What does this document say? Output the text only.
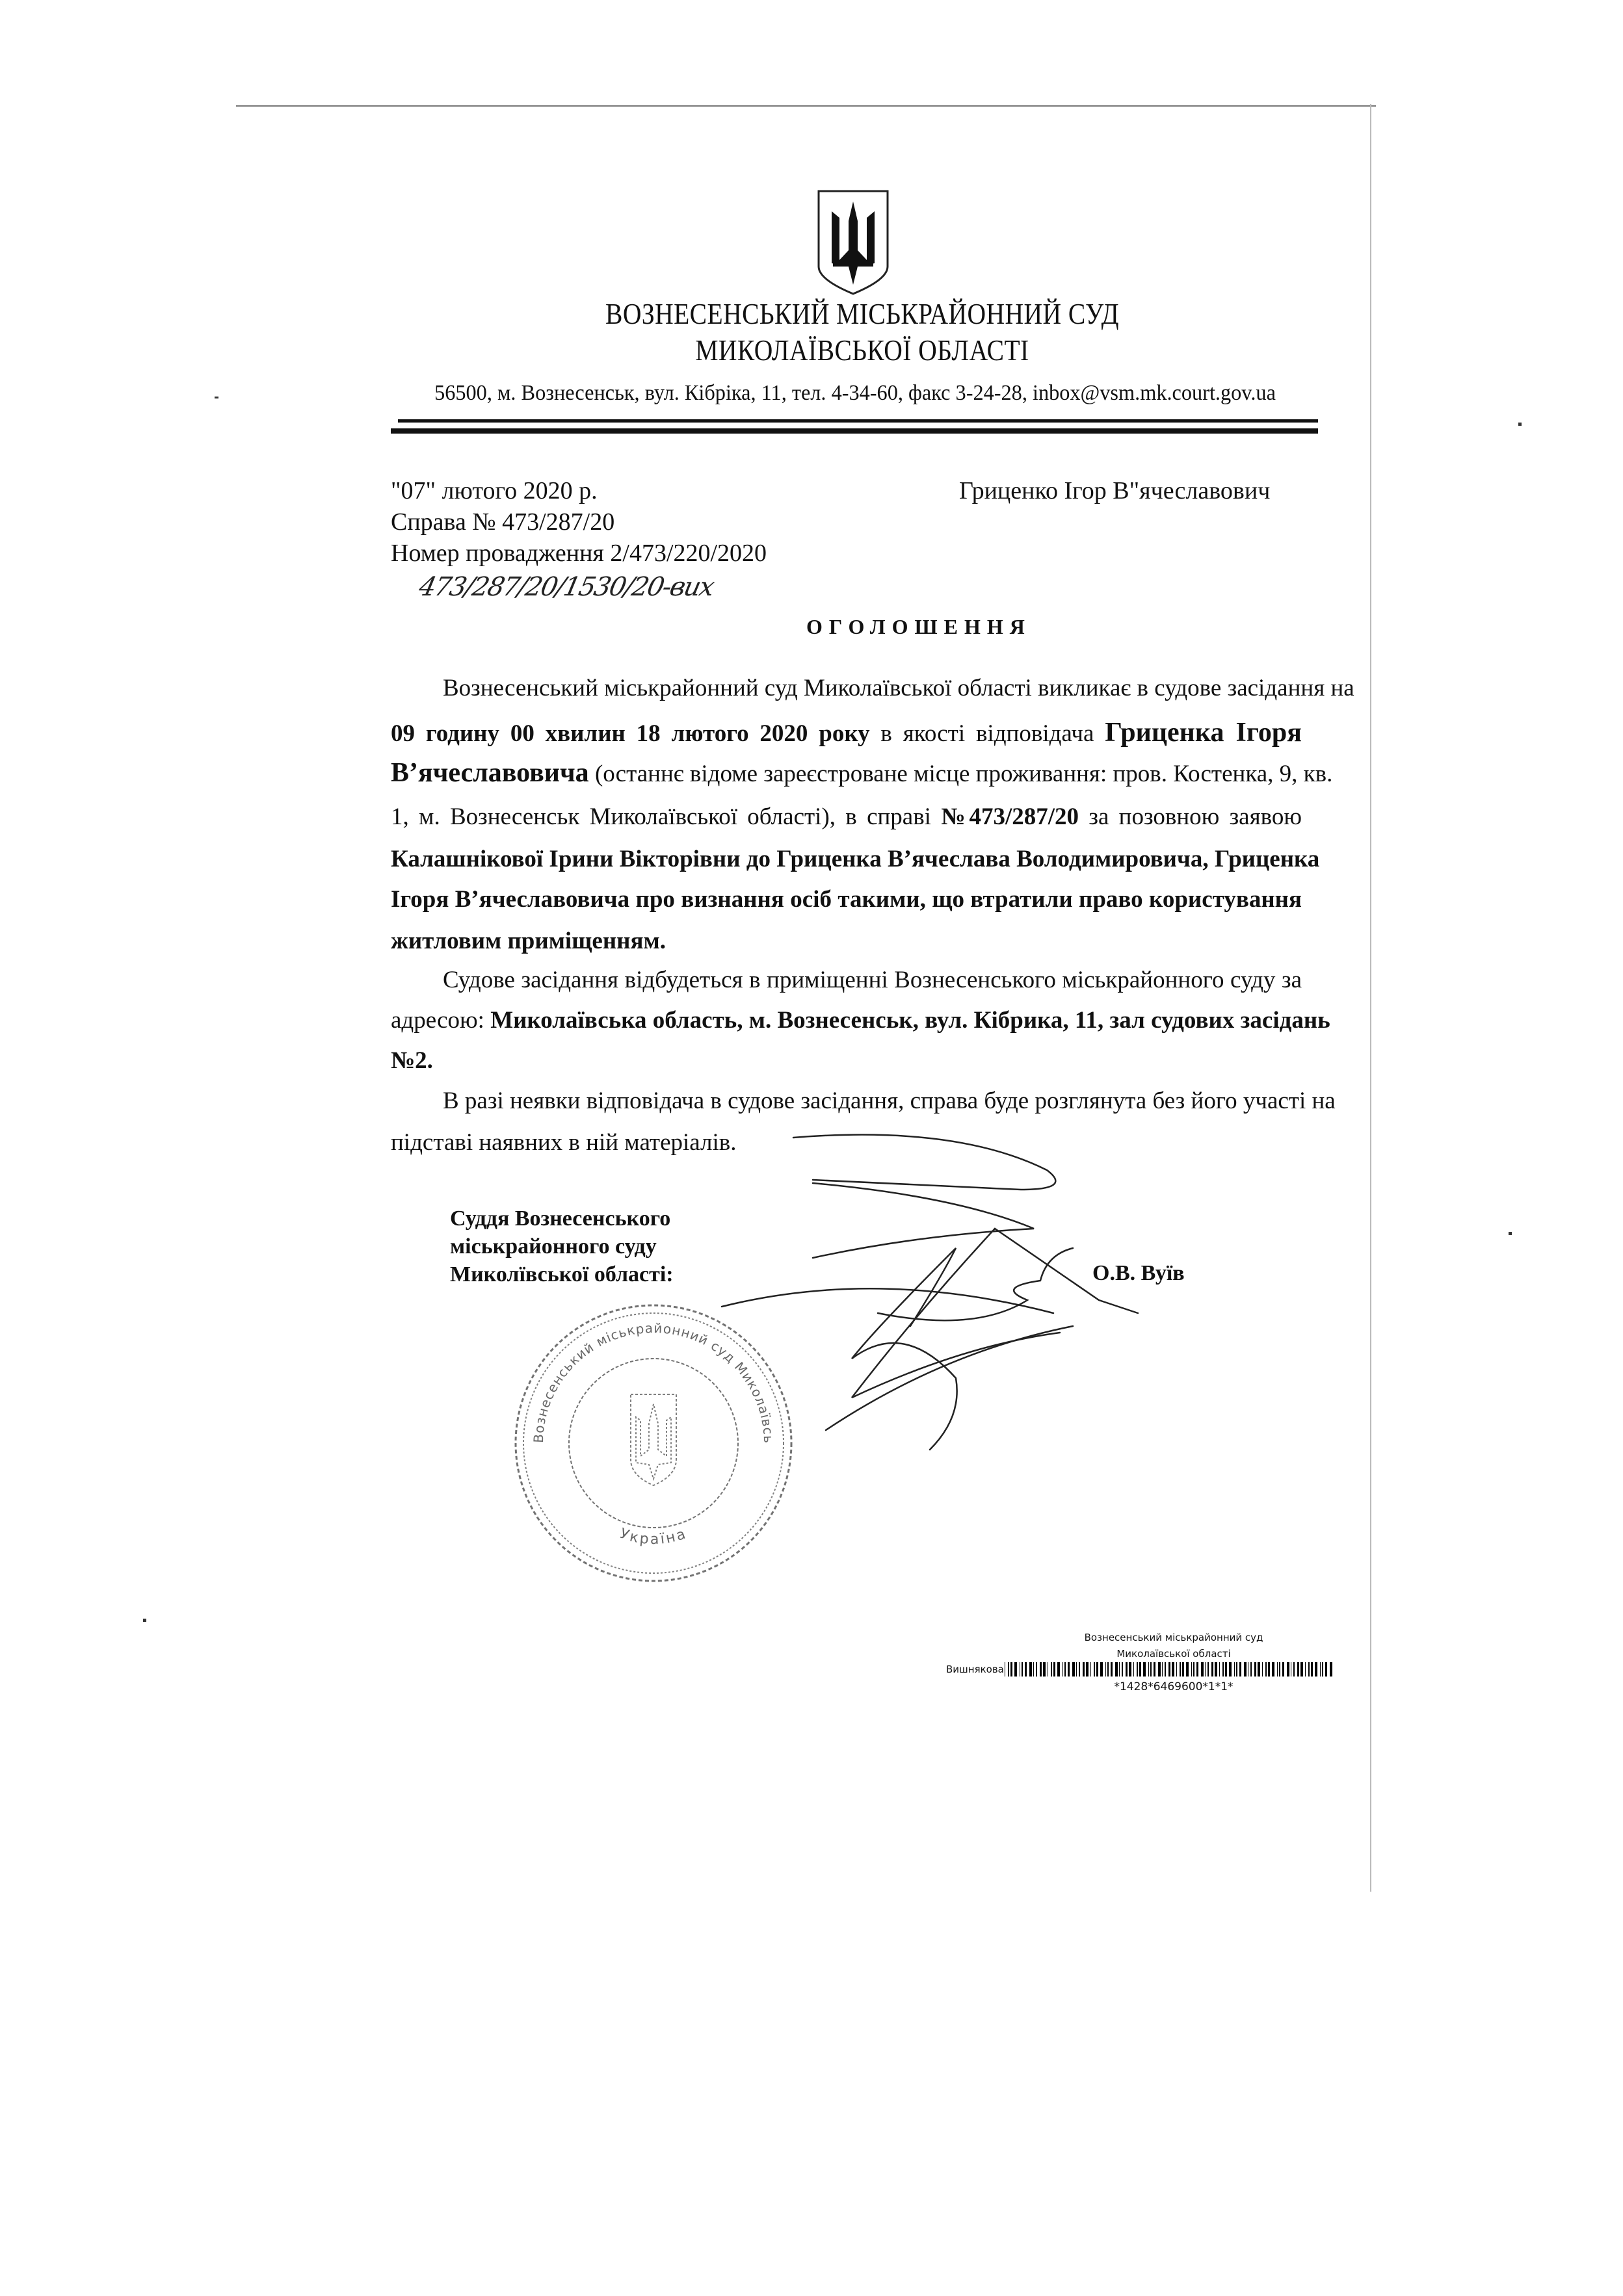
ВОЗНЕСЕНСЬКИЙ МІСЬКРАЙОННИЙ СУД
МИКОЛАЇВСЬКОЇ ОБЛАСТІ
56500, м. Вознесенськ, вул. Кібріка, 11, тел. 4-34-60, факс 3-24-28, inbox@vsm.mk.court.gov.ua
"07" лютого 2020 р.	Гриценко Ігор В"ячеславович
Справа № 473/287/20
Номер провадження 2/473/220/2020
473/287/20/1530/20-вих
ОГОЛОШЕННЯ
Вознесенський міськрайонний суд Миколаївської області викликає в судове засідання на
09 годину 00 хвилин 18 лютого 2020 року в якості відповідача Гриценка Ігоря
В’ячеславовича (останнє відоме зареєстроване місце проживання: пров. Костенка, 9, кв.
1, м. Вознесенськ Миколаївської області), в справі №473/287/20 за позовною заявою
Калашнікової Ірини Вікторівни до Гриценка В’ячеслава Володимировича, Гриценка
Ігоря В’ячеславовича про визнання осіб такими, що втратили право користування
житловим приміщенням.
Судове засідання відбудеться в приміщенні Вознесенського міськрайонного суду за
адресою: Миколаївська область, м. Вознесенськ, вул. Кібрика, 11, зал судових засідань
№2.
В разі неявки відповідача в судове засідання, справа буде розглянута без його участі на
підставі наявних в ній матеріалів.
Суддя Вознесенського
міськрайонного суду
Миколївської області:	О.В. Вуїв
Вознесенський міськрайонний суд Миколаївсь
Україна
Вознесенський міськрайонний суд
Миколаївської області
Вишнякова
*1428*6469600*1*1*
